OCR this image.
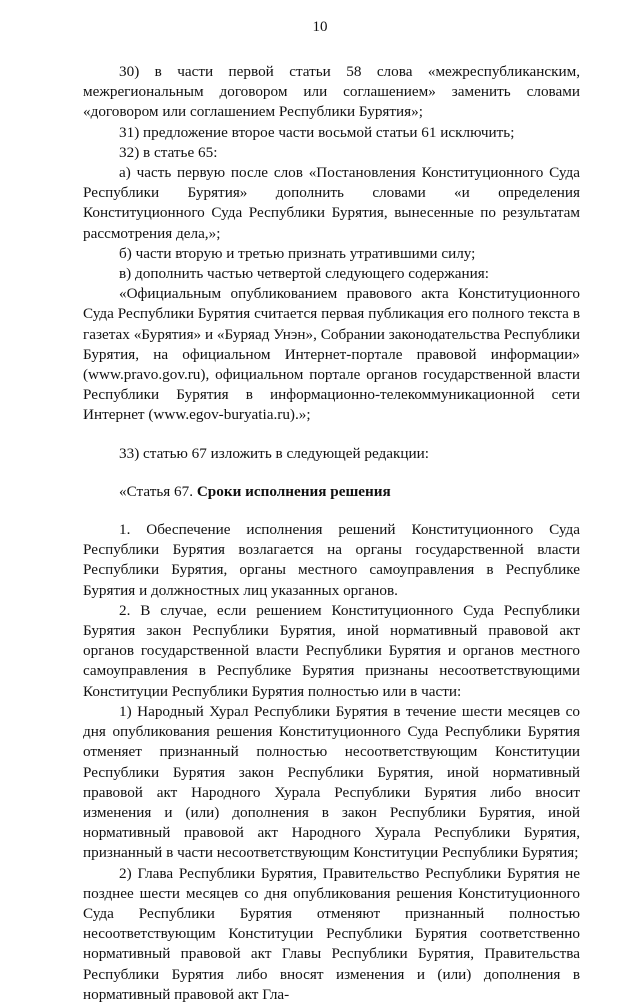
10

30) в части первой статьи 58 слова «межреспубликанским, межрегиональным договором или соглашением» заменить словами «договором или соглашением Республики Бурятия»;

31) предложение второе части восьмой статьи 61 исключить;

32) в статье 65:

а) часть первую после слов «Постановления Конституционного Суда Республики Бурятия» дополнить словами «и определения Конституционного Суда Республики Бурятия, вынесенные по результатам рассмотрения дела,»;

б) части вторую и третью признать утратившими силу;

в) дополнить частью четвертой следующего содержания:

«Официальным опубликованием правового акта Конституционного Суда Республики Бурятия считается первая публикация его полного текста в газетах «Бурятия» и «Буряад Унэн», Собрании законодательства Республики Бурятия, на официальном Интернет-портале правовой информации» (www.pravo.gov.ru), официальном портале органов государственной власти Республики Бурятия в информационно-телекоммуникационной сети Интернет (www.egov-buryatia.ru).»;

33) статью 67 изложить в следующей редакции:

«Статья 67. Сроки исполнения решения

1. Обеспечение исполнения решений Конституционного Суда Республики Бурятия возлагается на органы государственной власти Республики Бурятия, органы местного самоуправления в Республике Бурятия и должностных лиц указанных органов.

2. В случае, если решением Конституционного Суда Республики Бурятия закон Республики Бурятия, иной нормативный правовой акт органов государственной власти Республики Бурятия и органов местного самоуправления в Республике Бурятия признаны несоответствующими Конституции Республики Бурятия полностью или в части:

1) Народный Хурал Республики Бурятия в течение шести месяцев со дня опубликования решения Конституционного Суда Республики Бурятия отменяет признанный полностью несоответствующим Конституции Республики Бурятия закон Республики Бурятия, иной нормативный правовой акт Народного Хурала Республики Бурятия либо вносит изменения и (или) дополнения в закон Республики Бурятия, иной нормативный правовой акт Народного Хурала Республики Бурятия, признанный в части несоответствующим Конституции Республики Бурятия;

2) Глава Республики Бурятия, Правительство Республики Бурятия не позднее шести месяцев со дня опубликования решения Конституционного Суда Республики Бурятия отменяют признанный полностью несоответствующим Конституции Республики Бурятия соответственно нормативный правовой акт Главы Республики Бурятия, Правительства Республики Бурятия либо вносят изменения и (или) дополнения в нормативный правовой акт Гла-
